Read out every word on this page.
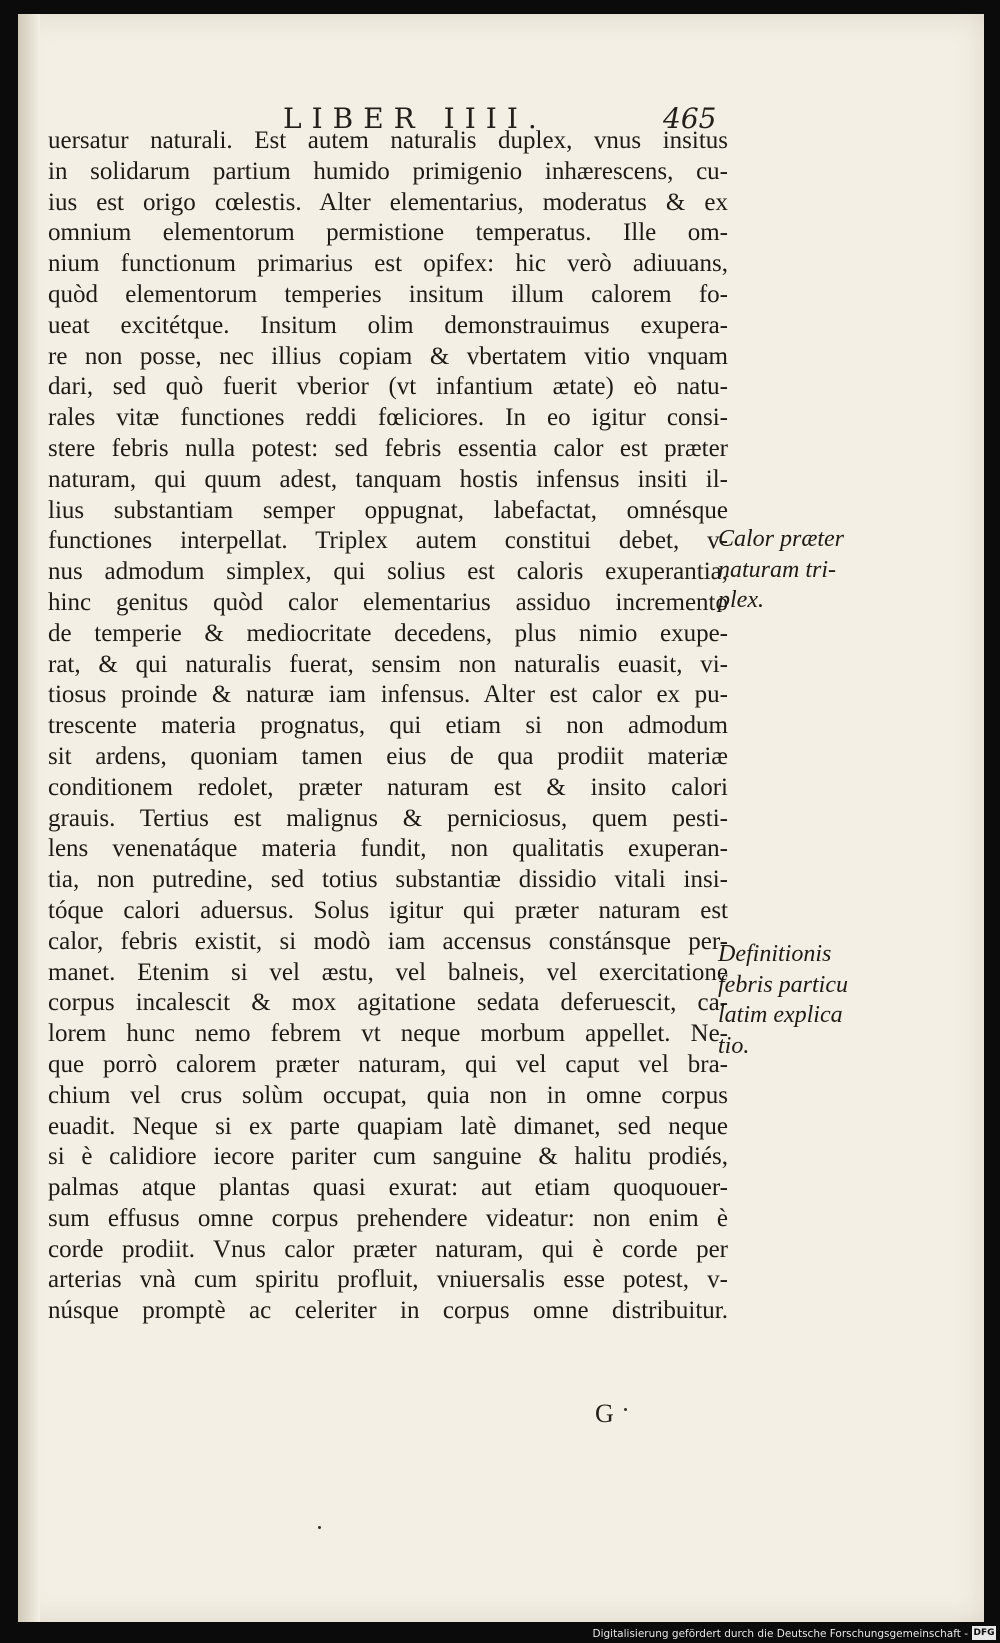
LIBER IIII.	465
uersatur naturali. Est autem naturalis duplex, vnus insitus
in solidarum partium humido primigenio inhærescens, cu-
ius est origo cœlestis. Alter elementarius, moderatus & ex
omnium elementorum permistione temperatus. Ille om-
nium functionum primarius est opifex: hic verò adiuuans,
quòd elementorum temperies insitum illum calorem fo-
ueat excitétque. Insitum olim demonstrauimus exupera-
re non posse, nec illius copiam & vbertatem vitio vnquam
dari, sed quò fuerit vberior (vt infantium ætate) eò natu-
rales vitæ functiones reddi fœliciores. In eo igitur consi-
stere febris nulla potest: sed febris essentia calor est præter
naturam, qui quum adest, tanquam hostis infensus insiti il-
lius substantiam semper oppugnat, labefactat, omnésque
functiones interpellat. Triplex autem constitui debet, v-
nus admodum simplex, qui solius est caloris exuperantia,
hinc genitus quòd calor elementarius assiduo incremento
de temperie & mediocritate decedens, plus nimio exupe-
rat, & qui naturalis fuerat, sensim non naturalis euasit, vi-
tiosus proinde & naturæ iam infensus. Alter est calor ex pu-
trescente materia prognatus, qui etiam si non admodum
sit ardens, quoniam tamen eius de qua prodiit materiæ
conditionem redolet, præter naturam est & insito calori
grauis. Tertius est malignus & perniciosus, quem pesti-
lens venenatáque materia fundit, non qualitatis exuperan-
tia, non putredine, sed totius substantiæ dissidio vitali insi-
tóque calori aduersus. Solus igitur qui præter naturam est
calor, febris existit, si modò iam accensus constánsque per-
manet. Etenim si vel æstu, vel balneis, vel exercitatione
corpus incalescit & mox agitatione sedata deferuescit, ca-
lorem hunc nemo febrem vt neque morbum appellet. Ne-
que porrò calorem præter naturam, qui vel caput vel bra-
chium vel crus solùm occupat, quia non in omne corpus
euadit. Neque si ex parte quapiam latè dimanet, sed neque
si è calidiore iecore pariter cum sanguine & halitu prodiés,
palmas atque plantas quasi exurat: aut etiam quoquouer-
sum effusus omne corpus prehendere videatur: non enim è
corde prodiit. Vnus calor præter naturam, qui è corde per
arterias vnà cum spiritu profluit, vniuersalis esse potest, v-
núsque promptè ac celeriter in corpus omne distribuitur.
Calor præter
naturam tri-
plex.
Definitionis
febris particu
latim explica
tio.
G
Digitalisierung gefördert durch die Deutsche Forschungsgemeinschaft - DFG
